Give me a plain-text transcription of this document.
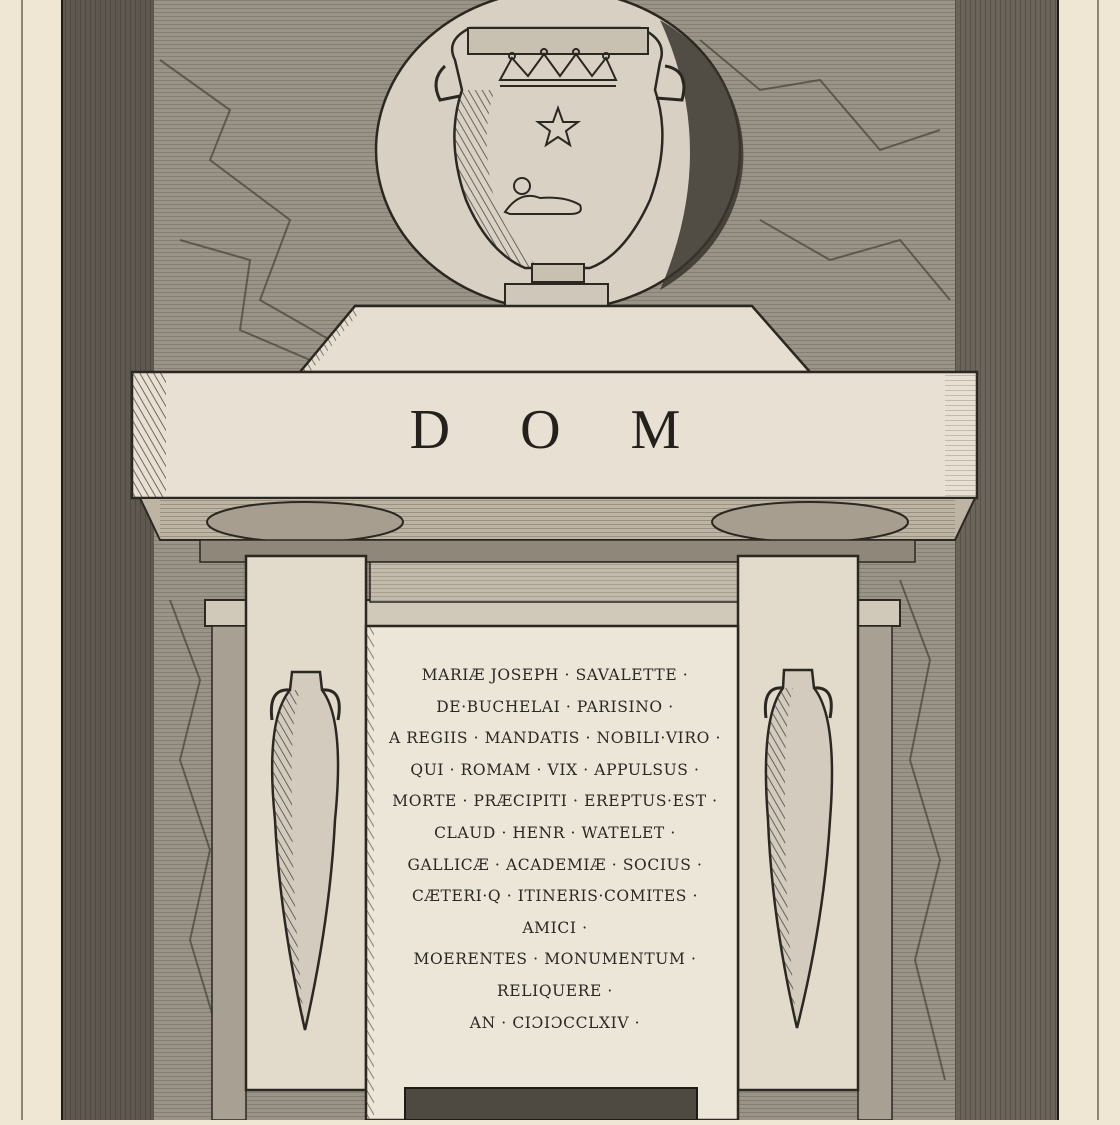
D O M
MARIÆ JOSEPH · SAVALETTE ·
DE·BUCHELAI · PARISINO ·
A REGIIS · MANDATIS · NOBILI·VIRO ·
QUI · ROMAM · VIX · APPULSUS ·
MORTE · PRÆCIPITI · EREPTUS·EST ·
CLAUD · HENR · WATELET ·
GALLICÆ · ACADEMIÆ · SOCIUS ·
CÆTERI·Q · ITINERIS·COMITES ·
AMICI ·
MOERENTES · MONUMENTUM ·
RELIQUERE ·
AN · CIƆIƆCCLXIV ·
